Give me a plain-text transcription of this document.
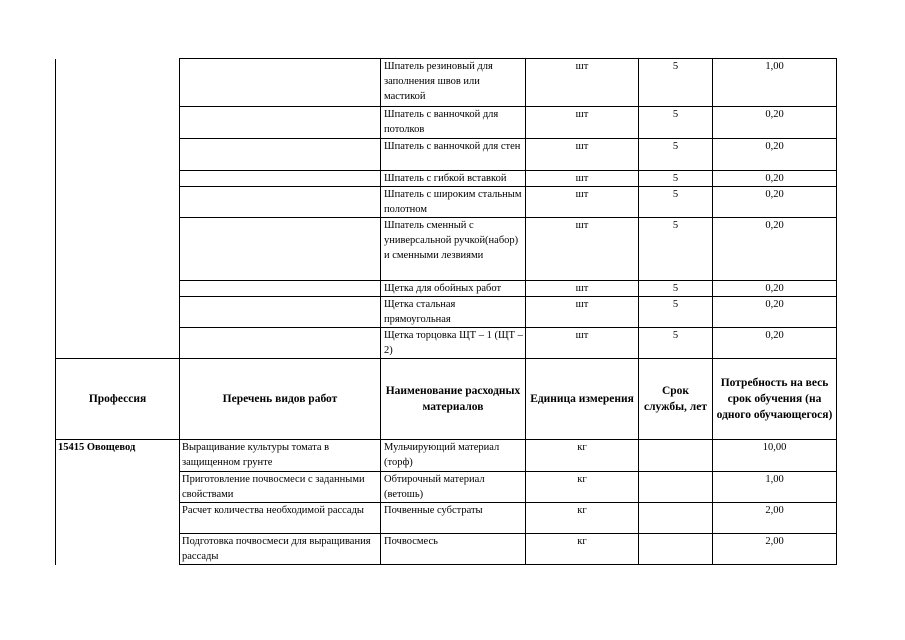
		Шпатель резиновый для заполнения швов или мастикой	шт	5	1,00
		Шпатель с ванночкой для потолков	шт	5	0,20
		Шпатель с ванночкой для стен	шт	5	0,20
		Шпатель с гибкой вставкой	шт	5	0,20
		Шпатель с широким стальным полотном	шт	5	0,20
		Шпатель сменный с универсальной ручкой(набор) и сменными лезвиями	шт	5	0,20
		Щетка для обойных работ	шт	5	0,20
		Щетка стальная прямоугольная	шт	5	0,20
		Щетка торцовка ЩТ – 1 (ЩТ – 2)	шт	5	0,20
Профессия	Перечень видов работ	Наименование расходных материалов	Единица измерения	Срок службы, лет	Потребность на весь срок обучения (на одного обучающегося)
15415 Овощевод	Выращивание культуры томата в защищенном грунте	Мульчирующий материал (торф)	кг		10,00
	Приготовление почвосмеси с заданными свойствами	Обтирочный материал (ветошь)	кг		1,00
	Расчет количества необходимой рассады	Почвенные субстраты	кг		2,00
	Подготовка почвосмеси для выращивания рассады	Почвосмесь	кг		2,00
